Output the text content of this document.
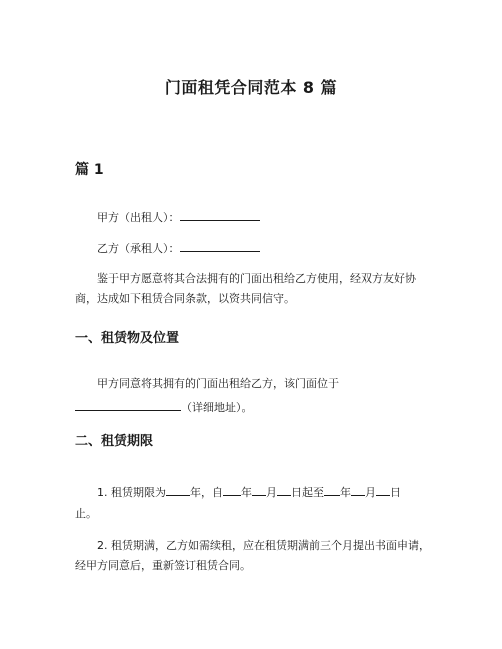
门面租凭合同范本 8 篇
篇 1
甲方（出租人）：
乙方（承租人）：
鉴于甲方愿意将其合法拥有的门面出租给乙方使用，经双方友好协商，达成如下租赁合同条款，以资共同信守。
一、租赁物及位置
甲方同意将其拥有的门面出租给乙方，该门面位于
（详细地址）。
二、租赁期限
1. 租赁期限为 年，自 年 月 日起至 年 月 日
止。
2. 租赁期满，乙方如需续租，应在租赁期满前三个月提出书面申请，经甲方同意后，重新签订租赁合同。
